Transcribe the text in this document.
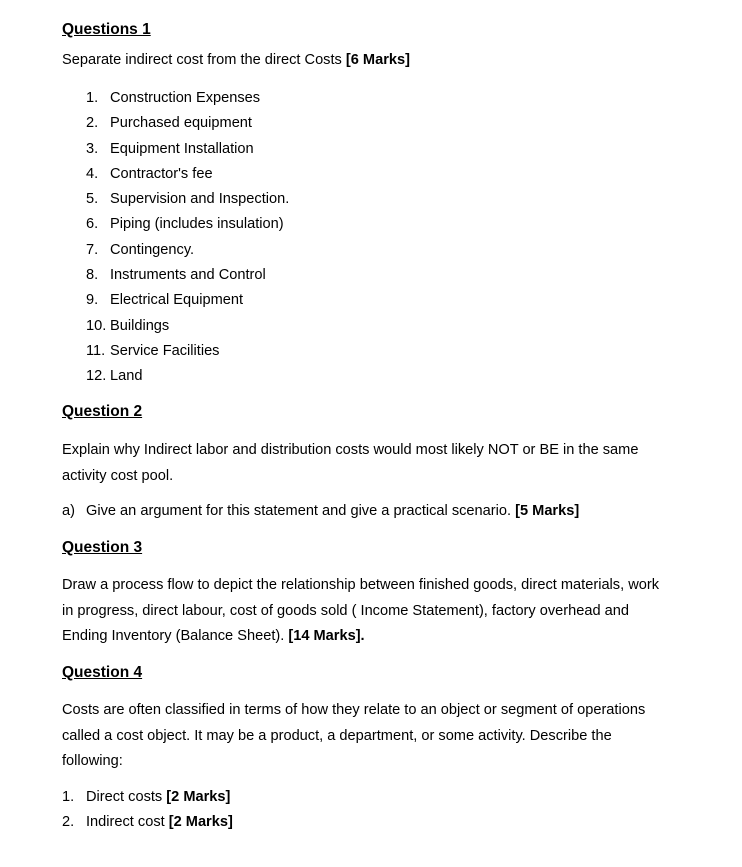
Questions 1
Separate indirect cost from the direct Costs [6 Marks]
1. Construction Expenses
2. Purchased equipment
3. Equipment Installation
4. Contractor's fee
5. Supervision and Inspection.
6. Piping (includes insulation)
7. Contingency.
8. Instruments and Control
9. Electrical Equipment
10. Buildings
11. Service Facilities
12. Land
Question 2
Explain why Indirect labor and distribution costs would most likely NOT or BE in the same activity cost pool.
a) Give an argument for this statement and give a practical scenario. [5 Marks]
Question 3
Draw a process flow to depict the relationship between finished goods, direct materials, work in progress, direct labour, cost of goods sold ( Income Statement), factory overhead and Ending Inventory (Balance Sheet). [14 Marks].
Question 4
Costs are often classified in terms of how they relate to an object or segment of operations called a cost object. It may be a product, a department, or some activity. Describe the following:
1. Direct costs [2 Marks]
2. Indirect cost [2 Marks]
